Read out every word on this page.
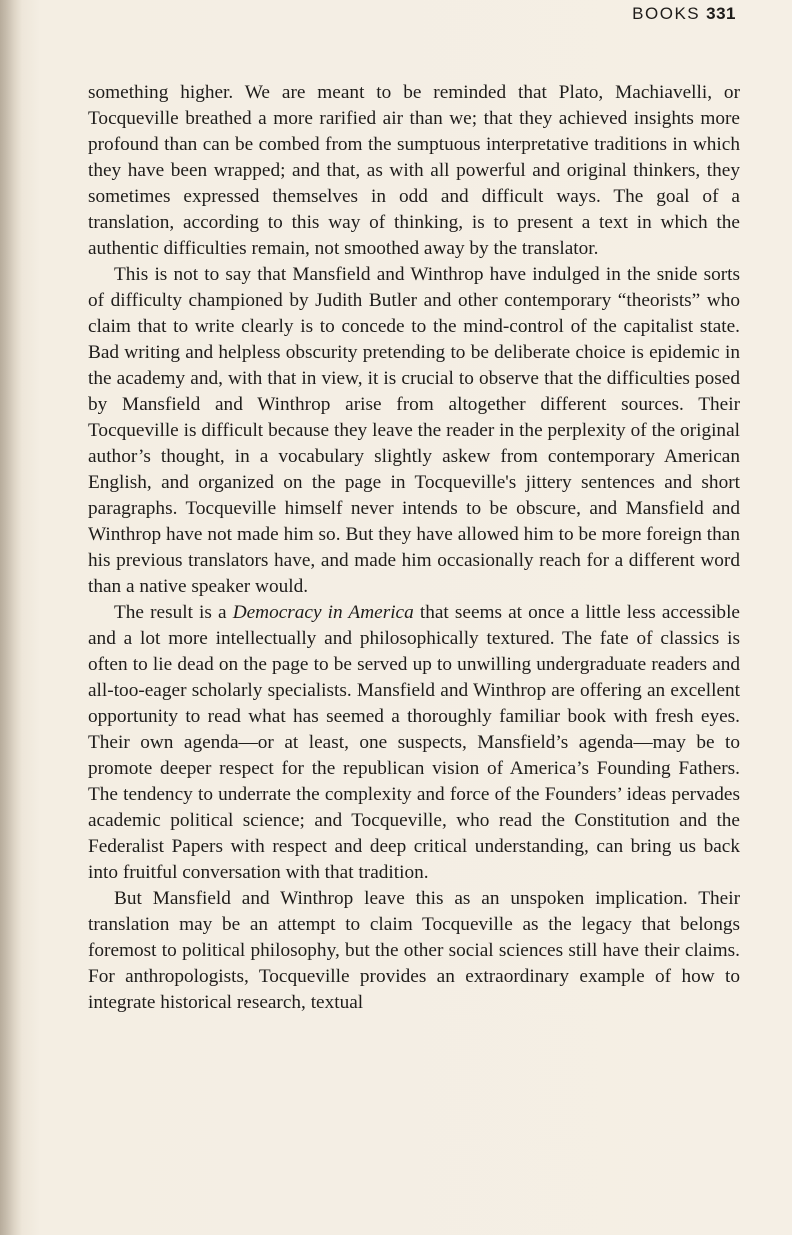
BOOKS 331

something higher. We are meant to be reminded that Plato, Machiavelli, or Tocqueville breathed a more rarified air than we; that they achieved insights more profound than can be combed from the sumptuous interpretative traditions in which they have been wrapped; and that, as with all powerful and original thinkers, they sometimes expressed themselves in odd and difficult ways. The goal of a translation, according to this way of thinking, is to present a text in which the authentic difficulties remain, not smoothed away by the translator.

This is not to say that Mansfield and Winthrop have indulged in the snide sorts of difficulty championed by Judith Butler and other contemporary “theorists” who claim that to write clearly is to concede to the mind-control of the capitalist state. Bad writing and helpless obscurity pretending to be deliberate choice is epidemic in the academy and, with that in view, it is crucial to observe that the difficulties posed by Mansfield and Winthrop arise from altogether different sources. Their Tocqueville is difficult because they leave the reader in the perplexity of the original author’s thought, in a vocabulary slightly askew from contemporary American English, and organized on the page in Tocqueville's jittery sentences and short paragraphs. Tocqueville himself never intends to be obscure, and Mansfield and Winthrop have not made him so. But they have allowed him to be more foreign than his previous translators have, and made him occasionally reach for a different word than a native speaker would.

The result is a Democracy in America that seems at once a little less accessible and a lot more intellectually and philosophically textured. The fate of classics is often to lie dead on the page to be served up to unwilling undergraduate readers and all-too-eager scholarly specialists. Mansfield and Winthrop are offering an excellent opportunity to read what has seemed a thoroughly familiar book with fresh eyes. Their own agenda—or at least, one suspects, Mansfield’s agenda—may be to promote deeper respect for the republican vision of America’s Founding Fathers. The tendency to underrate the complexity and force of the Founders’ ideas pervades academic political science; and Tocqueville, who read the Constitution and the Federalist Papers with respect and deep critical understanding, can bring us back into fruitful conversation with that tradition.

But Mansfield and Winthrop leave this as an unspoken implication. Their translation may be an attempt to claim Tocqueville as the legacy that belongs foremost to political philosophy, but the other social sciences still have their claims. For anthropologists, Tocqueville provides an extraordinary example of how to integrate historical research, textual
